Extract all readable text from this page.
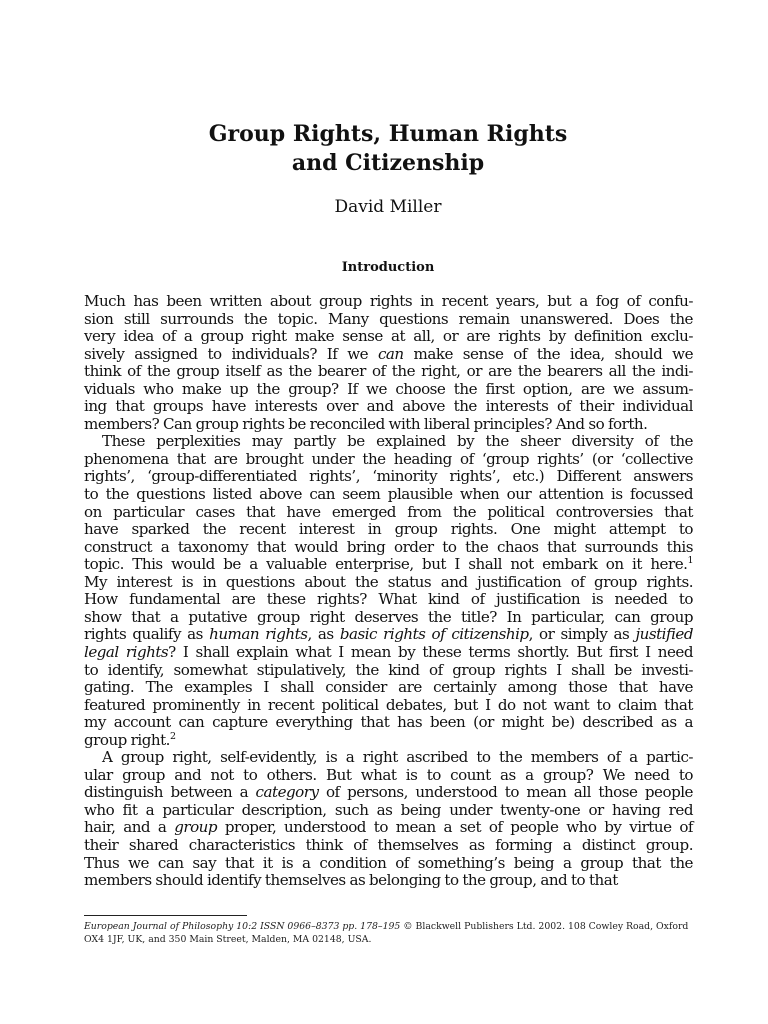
Group Rights, Human Rights
and Citizenship
David Miller
Introduction
Much has been written about group rights in recent years, but a fog of confu-
sion still surrounds the topic. Many questions remain unanswered. Does the
very idea of a group right make sense at all, or are rights by definition exclu-
sively assigned to individuals? If we can make sense of the idea, should we
think of the group itself as the bearer of the right, or are the bearers all the indi-
viduals who make up the group? If we choose the first option, are we assum-
ing that groups have interests over and above the interests of their individual
members? Can group rights be reconciled with liberal principles? And so forth.
These perplexities may partly be explained by the sheer diversity of the
phenomena that are brought under the heading of ‘group rights’ (or ‘collective
rights’, ‘group-differentiated rights’, ‘minority rights’, etc.) Different answers
to the questions listed above can seem plausible when our attention is focussed
on particular cases that have emerged from the political controversies that
have sparked the recent interest in group rights. One might attempt to
construct a taxonomy that would bring order to the chaos that surrounds this
topic. This would be a valuable enterprise, but I shall not embark on it here.$^1$
My interest is in questions about the status and justification of group rights.
How fundamental are these rights? What kind of justification is needed to
show that a putative group right deserves the title? In particular, can group
rights qualify as human rights, as basic rights of citizenship, or simply as justified
legal rights? I shall explain what I mean by these terms shortly. But first I need
to identify, somewhat stipulatively, the kind of group rights I shall be investi-
gating. The examples I shall consider are certainly among those that have
featured prominently in recent political debates, but I do not want to claim that
my account can capture everything that has been (or might be) described as a
group right.$^2$
A group right, self-evidently, is a right ascribed to the members of a partic-
ular group and not to others. But what is to count as a group? We need to
distinguish between a category of persons, understood to mean all those people
who fit a particular description, such as being under twenty-one or having red
hair, and a group proper, understood to mean a set of people who by virtue of
their shared characteristics think of themselves as forming a distinct group.
Thus we can say that it is a condition of something’s being a group that the
members should identify themselves as belonging to the group, and to that
European Journal of Philosophy 10:2 ISSN 0966–8373 pp. 178–195 © Blackwell Publishers Ltd. 2002. 108 Cowley Road, Oxford
OX4 1JF, UK, and 350 Main Street, Malden, MA 02148, USA.
